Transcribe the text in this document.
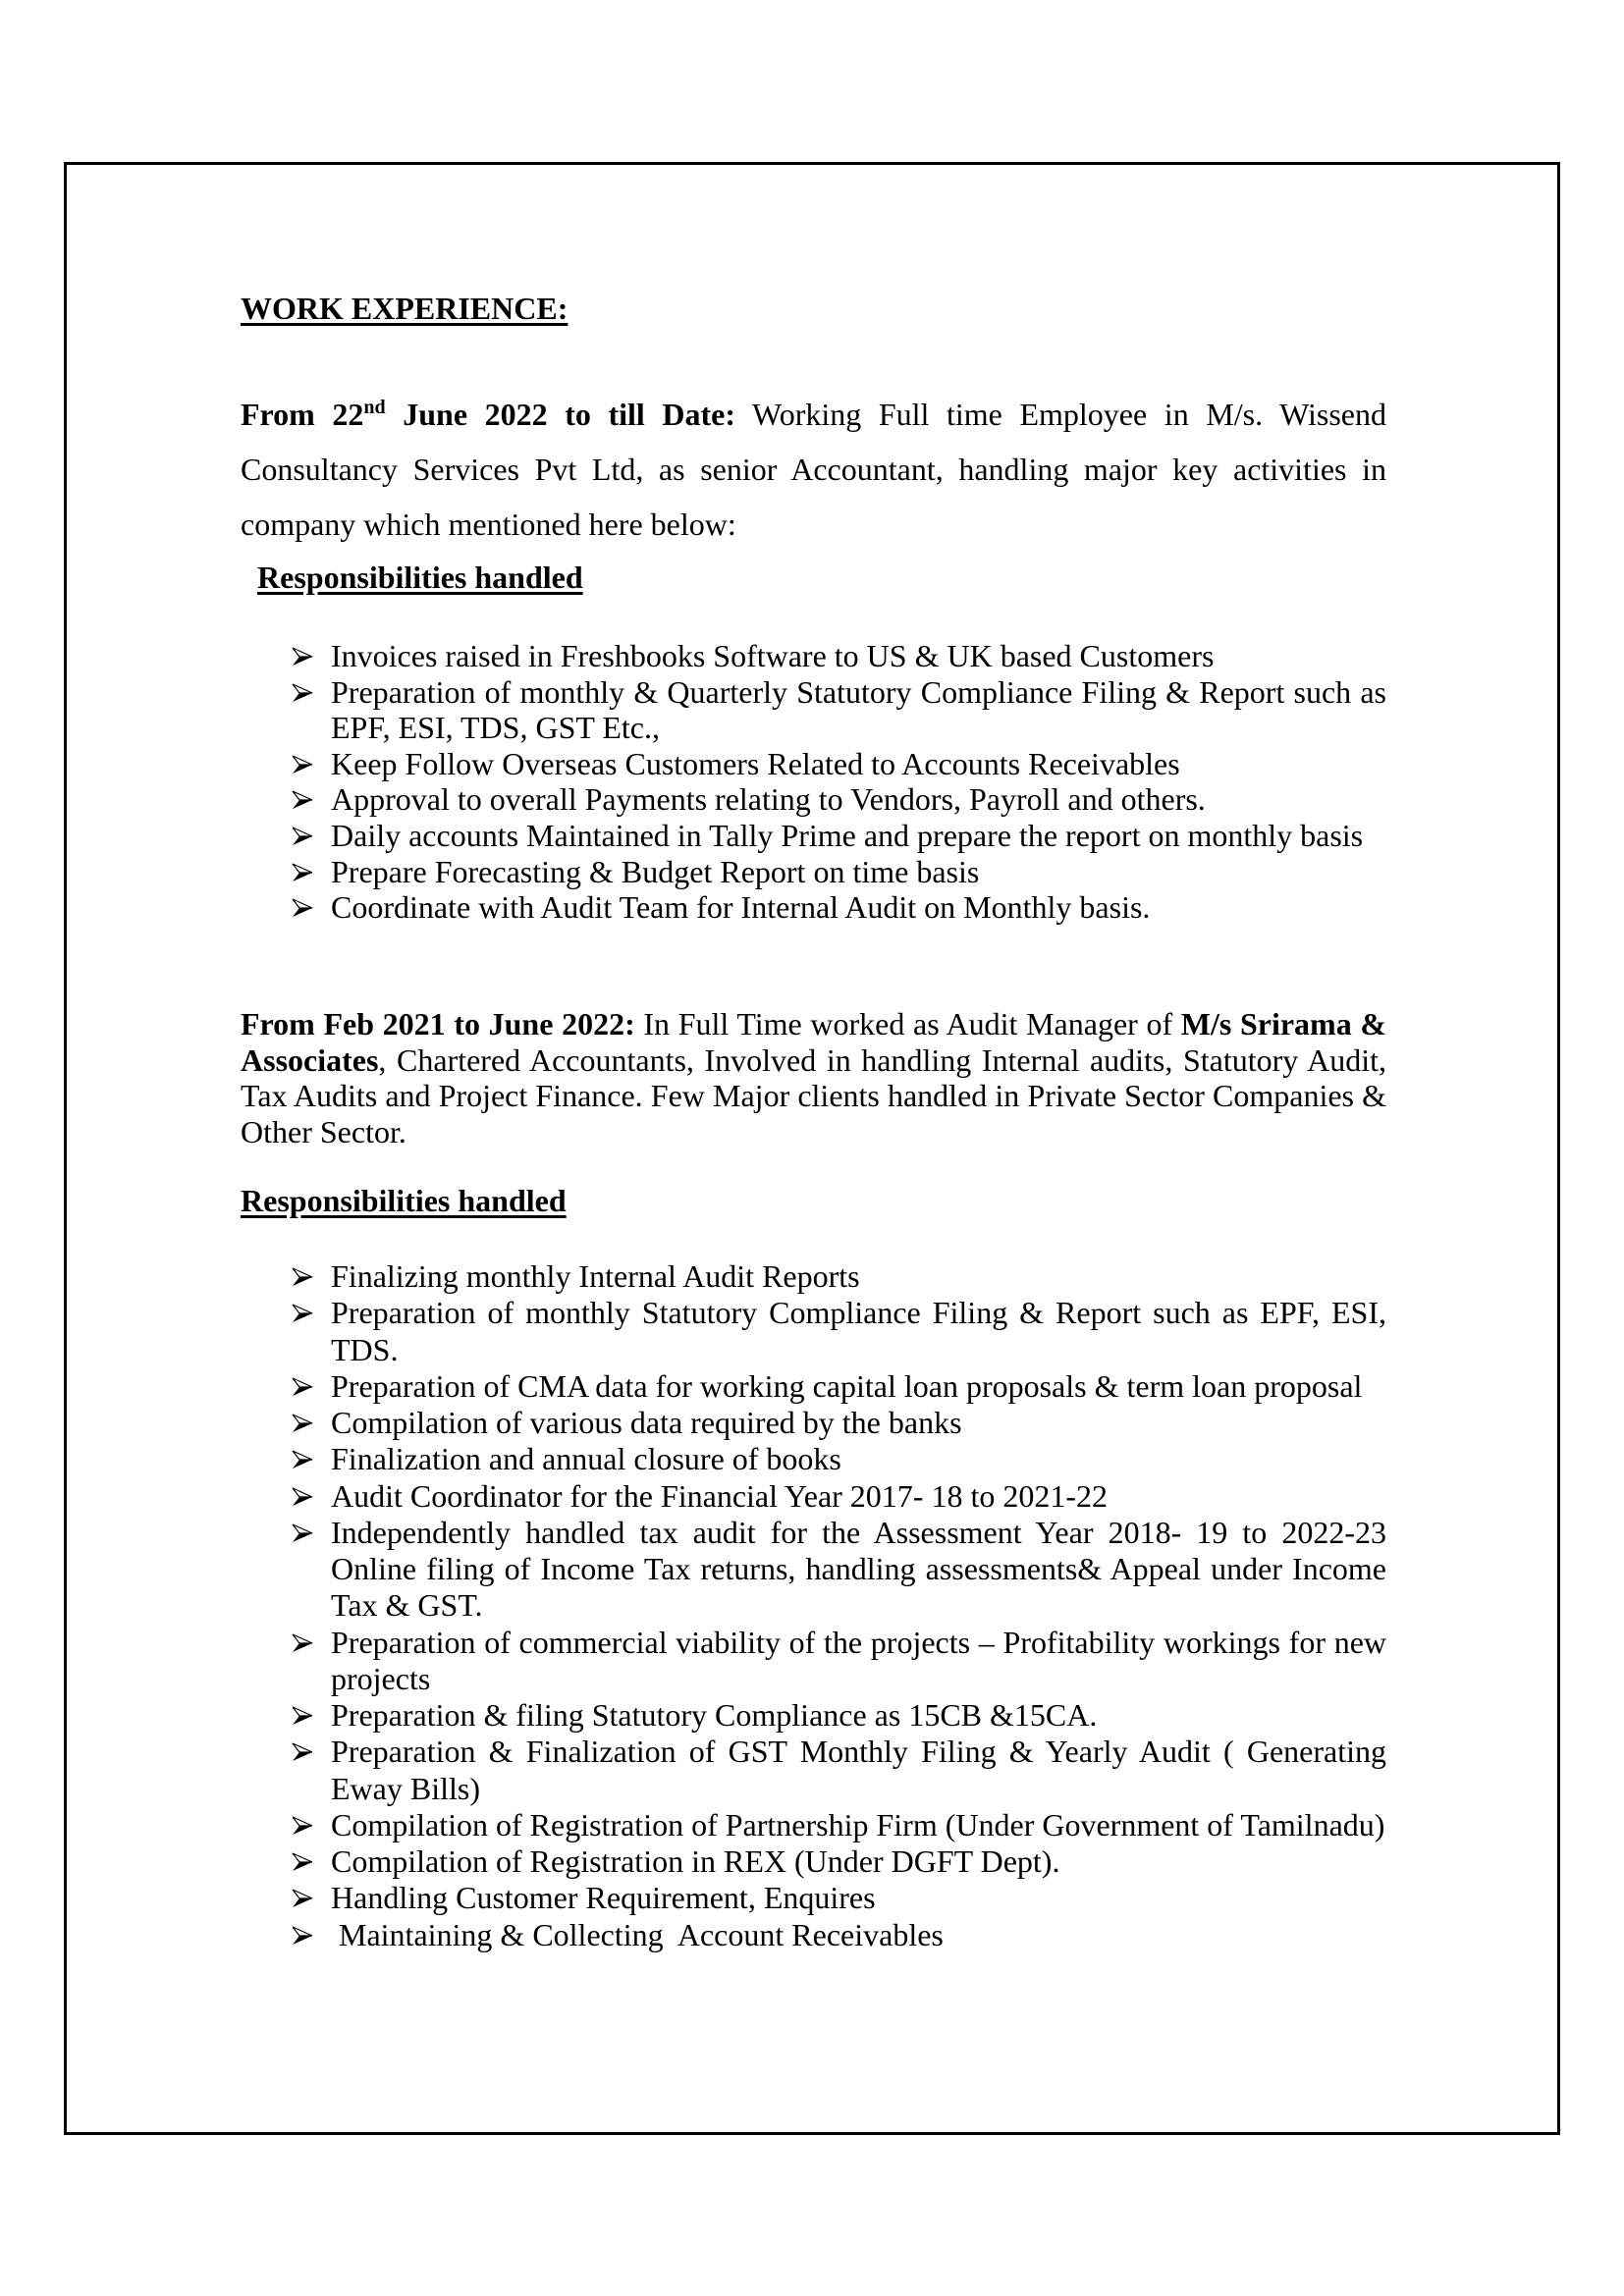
WORK EXPERIENCE:
From 22nd June 2022 to till Date: Working Full time Employee in M/s. Wissend Consultancy Services Pvt Ltd, as senior Accountant, handling major key activities in company which mentioned here below:
Responsibilities handled
Invoices raised in Freshbooks Software to US & UK based Customers
Preparation of monthly & Quarterly Statutory Compliance Filing & Report such as EPF, ESI, TDS, GST Etc.,
Keep Follow Overseas Customers Related to Accounts Receivables
Approval to overall Payments relating to Vendors, Payroll and others.
Daily accounts Maintained in Tally Prime and prepare the report on monthly basis
Prepare Forecasting & Budget Report on time basis
Coordinate with Audit Team for Internal Audit on Monthly basis.
From Feb 2021 to June 2022: In Full Time worked as Audit Manager of M/s Srirama & Associates, Chartered Accountants, Involved in handling Internal audits, Statutory Audit, Tax Audits and Project Finance. Few Major clients handled in Private Sector Companies & Other Sector.
Responsibilities handled
Finalizing monthly Internal Audit Reports
Preparation of monthly Statutory Compliance Filing & Report such as EPF, ESI, TDS.
Preparation of CMA data for working capital loan proposals & term loan proposal
Compilation of various data required by the banks
Finalization and annual closure of books
Audit Coordinator for the Financial Year 2017- 18 to 2021-22
Independently handled tax audit for the Assessment Year 2018- 19 to 2022-23 Online filing of Income Tax returns, handling assessments& Appeal under Income Tax & GST.
Preparation of commercial viability of the projects – Profitability workings for new projects
Preparation & filing Statutory Compliance as 15CB &15CA.
Preparation & Finalization of GST Monthly Filing & Yearly Audit ( Generating Eway Bills)
Compilation of Registration of Partnership Firm (Under Government of Tamilnadu)
Compilation of Registration in REX (Under DGFT Dept).
Handling Customer Requirement, Enquires
Maintaining & Collecting  Account Receivables
